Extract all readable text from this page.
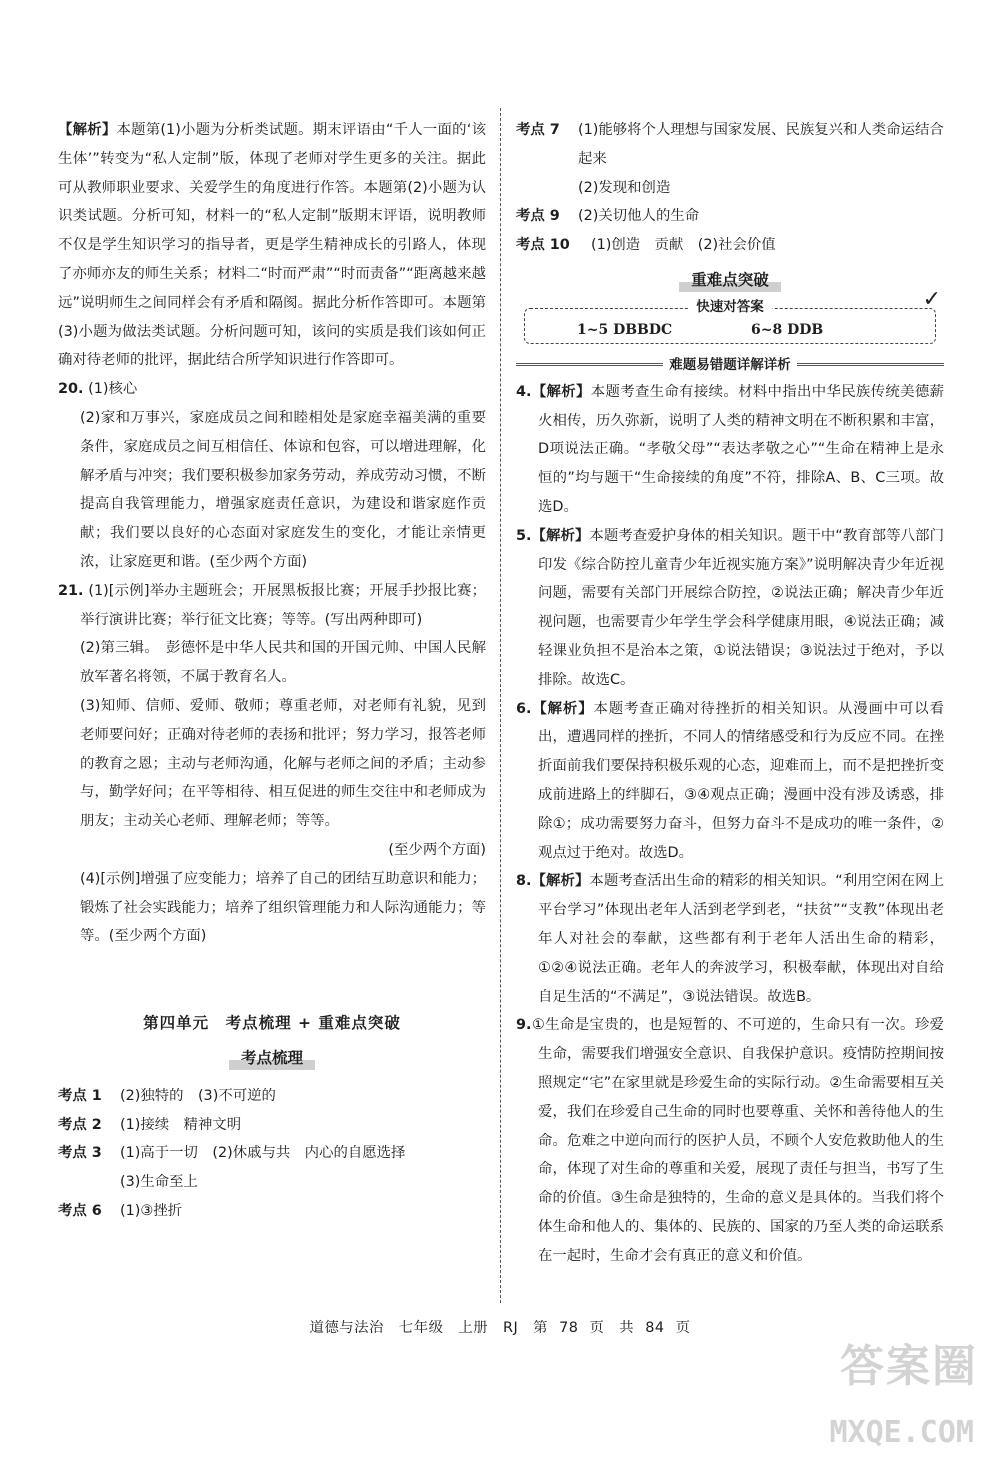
【解析】本题第(1)小题为分析类试题。期末评语由“千人一面的‘该生体’”转变为“私人定制”版，体现了老师对学生更多的关注。据此可从教师职业要求、关爱学生的角度进行作答。本题第(2)小题为认识类试题。分析可知，材料一的“私人定制”版期末评语，说明教师不仅是学生知识学习的指导者，更是学生精神成长的引路人，体现了亦师亦友的师生关系；材料二“时而严肃”“时而责备”“距离越来越远”说明师生之间同样会有矛盾和隔阂。据此分析作答即可。本题第(3)小题为做法类试题。分析问题可知，该问的实质是我们该如何正确对待老师的批评，据此结合所学知识进行作答即可。

20. (1)核心

(2)家和万事兴，家庭成员之间和睦相处是家庭幸福美满的重要条件，家庭成员之间互相信任、体谅和包容，可以增进理解，化解矛盾与冲突；我们要积极参加家务劳动，养成劳动习惯，不断提高自我管理能力，增强家庭责任意识，为建设和谐家庭作贡献；我们要以良好的心态面对家庭发生的变化，才能让亲情更浓，让家庭更和谐。(至少两个方面)

21. (1)[示例]举办主题班会；开展黑板报比赛；开展手抄报比赛；举行演讲比赛；举行征文比赛；等等。(写出两种即可)

(2)第三辑。　彭德怀是中华人民共和国的开国元帅、中国人民解放军著名将领，不属于教育名人。

(3)知师、信师、爱师、敬师；尊重老师，对老师有礼貌，见到老师要问好；正确对待老师的表扬和批评；努力学习，报答老师的教育之恩；主动与老师沟通，化解与老师之间的矛盾；主动参与，勤学好问；在平等相待、相互促进的师生交往中和老师成为朋友；主动关心老师、理解老师；等等。

(至少两个方面)

(4)[示例]增强了应变能力；培养了自己的团结互助意识和能力；锻炼了社会实践能力；培养了组织管理能力和人际沟通能力；等等。(至少两个方面)

第四单元　考点梳理 + 重难点突破
考点梳理
考点 1	(2)独特的　(3)不可逆的
考点 2	(1)接续　精神文明
考点 3	(1)高于一切　(2)休戚与共　内心的自愿选择
(3)生命至上
考点 6	(1)③挫折
考点 7	(1)能够将个人理想与国家发展、民族复兴和人类命运结合起来
(2)发现和创造
考点 9	(2)关切他人的生命
考点 10	(1)创造　贡献　(2)社会价值
重难点突破
快速对答案
1~5 DBBDC	6~8 DDB
✓
难题易错题详解详析

4.【解析】本题考查生命有接续。材料中指出中华民族传统美德薪火相传，历久弥新，说明了人类的精神文明在不断积累和丰富，D项说法正确。“孝敬父母”“表达孝敬之心”“生命在精神上是永恒的”均与题干“生命接续的角度”不符，排除A、B、C三项。故选D。

5.【解析】本题考查爱护身体的相关知识。题干中“教育部等八部门印发《综合防控儿童青少年近视实施方案》”说明解决青少年近视问题，需要有关部门开展综合防控，②说法正确；解决青少年近视问题，也需要青少年学生学会科学健康用眼，④说法正确；减轻课业负担不是治本之策，①说法错误；③说法过于绝对，予以排除。故选C。

6.【解析】本题考查正确对待挫折的相关知识。从漫画中可以看出，遭遇同样的挫折，不同人的情绪感受和行为反应不同。在挫折面前我们要保持积极乐观的心态，迎难而上，而不是把挫折变成前进路上的绊脚石，③④观点正确；漫画中没有涉及诱惑，排除①；成功需要努力奋斗，但努力奋斗不是成功的唯一条件，②观点过于绝对。故选D。

8.【解析】本题考查活出生命的精彩的相关知识。“利用空闲在网上平台学习”体现出老年人活到老学到老，“扶贫”“支教”体现出老年人对社会的奉献，这些都有利于老年人活出生命的精彩，①②④说法正确。老年人的奔波学习，积极奉献，体现出对自给自足生活的“不满足”，③说法错误。故选B。

9.①生命是宝贵的，也是短暂的、不可逆的，生命只有一次。珍爱生命，需要我们增强安全意识、自我保护意识。疫情防控期间按照规定“宅”在家里就是珍爱生命的实际行动。②生命需要相互关爱，我们在珍爱自己生命的同时也要尊重、关怀和善待他人的生命。危难之中逆向而行的医护人员，不顾个人安危救助他人的生命，体现了对生命的尊重和关爱，展现了责任与担当，书写了生命的价值。③生命是独特的，生命的意义是具体的。当我们将个体生命和他人的、集体的、民族的、国家的乃至人类的命运联系在一起时，生命才会有真正的意义和价值。

道德与法治　七年级　上册　RJ　第 78 页　共 84 页
答案圈
MXQE.COM
